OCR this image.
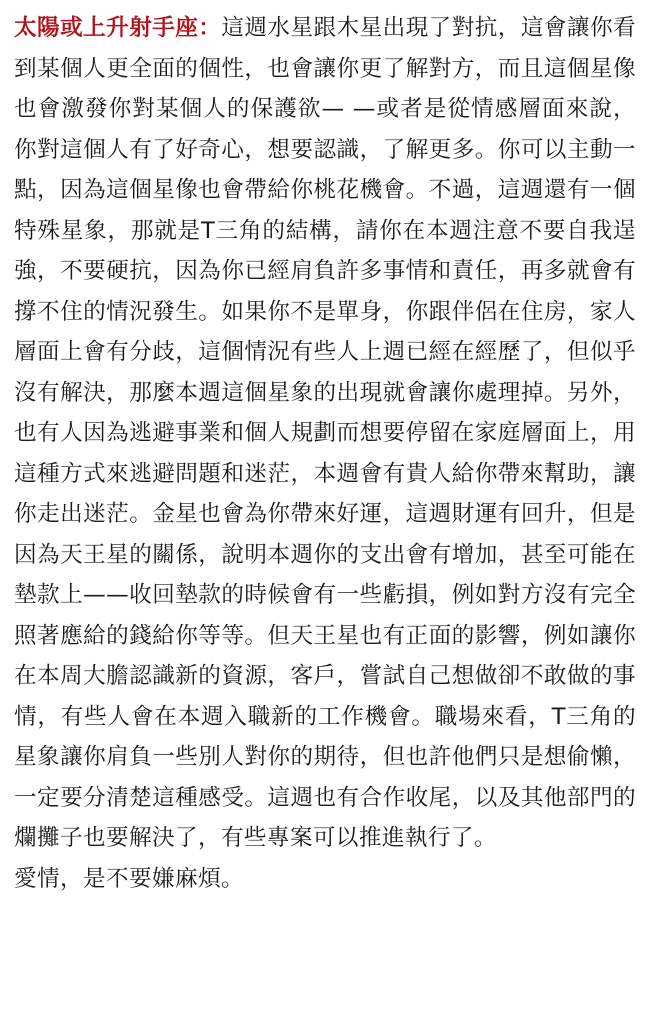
太陽或上升射手座：這週水星跟木星出現了對抗，這會讓你看到某個人更全面的個性，也會讓你更了解對方，而且這個星像也會激發你對某個人的保護欲— —或者是從情感層面來說，你對這個人有了好奇心，想要認識，了解更多。你可以主動一點，因為這個星像也會帶給你桃花機會。不過，這週還有一個特殊星象，那就是T三角的結構，請你在本週注意不要自我逞強，不要硬抗，因為你已經肩負許多事情和責任，再多就會有撐不住的情況發生。如果你不是單身，你跟伴侶在住房，家人層面上會有分歧，這個情況有些人上週已經在經歷了，但似乎沒有解決，那麼本週這個星象的出現就會讓你處理掉。另外，也有人因為逃避事業和個人規劃而想要停留在家庭層面上，用這種方式來逃避問題和迷茫，本週會有貴人給你帶來幫助，讓你走出迷茫。金星也會為你帶來好運，這週財運有回升，但是因為天王星的關係，說明本週你的支出會有增加，甚至可能在墊款上——收回墊款的時候會有一些虧損，例如對方沒有完全照著應給的錢給你等等。但天王星也有正面的影響，例如讓你在本周大膽認識新的資源，客戶，嘗試自己想做卻不敢做的事情，有些人會在本週入職新的工作機會。職場來看，T三角的星象讓你肩負一些別人對你的期待，但也許他們只是想偷懶，一定要分清楚這種感受。這週也有合作收尾，以及其他部門的爛攤子也要解決了，有些專案可以推進執行了。

愛情，是不要嫌麻煩。
